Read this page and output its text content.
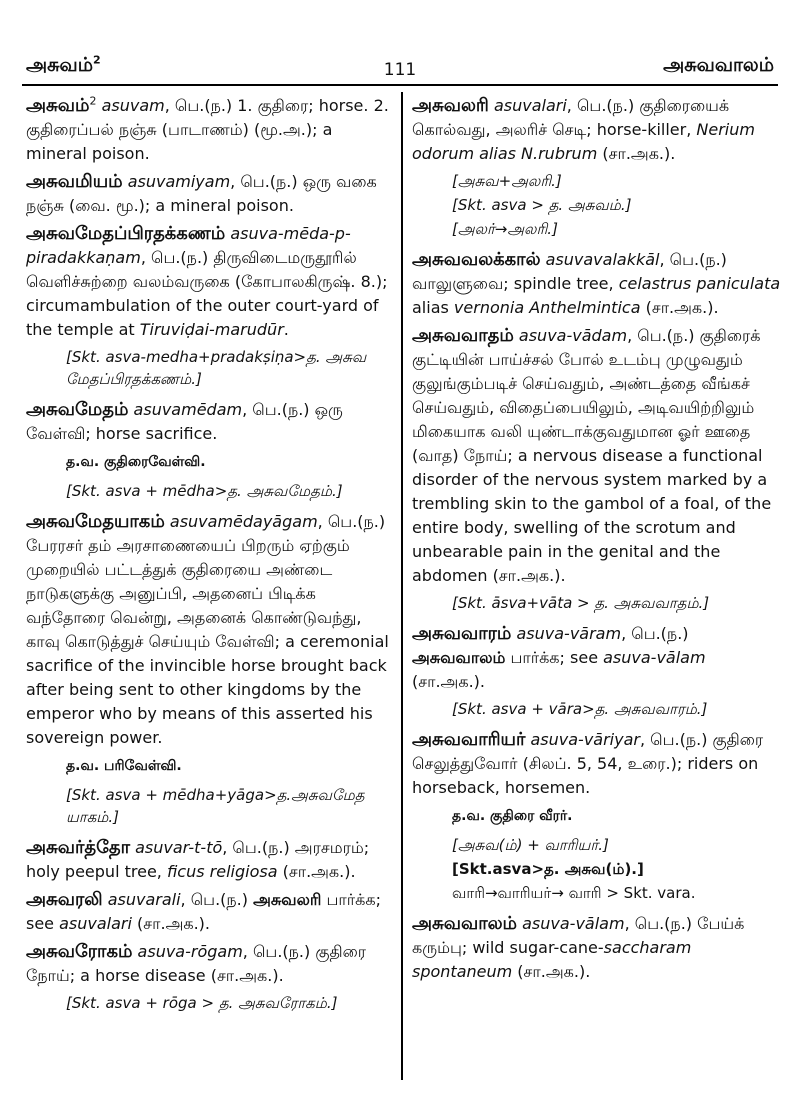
அசுவம்$^2$	111	அசுவவாலம்
அசுவம்$^2$ asuvam, பெ.(ந.) 1. குதிரை; horse. 2. குதிரைப்பல் நஞ்சு (பாடாணம்) (மூ.அ.); a mineral poison.
அசுவமியம் asuvamiyam, பெ.(ந.) ஒரு வகை நஞ்சு (வை. மூ.); a mineral poison.
அசுவமேதப்பிரதக்கணம் asuva-mēda-p-piradakkaṇam, பெ.(ந.) திருவிடைமருதூரில் வெளிச்சுற்றை வலம்வருகை (கோபாலகிருஷ். 8.); circumambulation of the outer court-yard of the temple at Tiruviḍai-marudūr.
[Skt. asva-medha+pradakṣiṇa>த. அசுவ மேதப்பிரதக்கணம்.]
அசுவமேதம் asuvamēdam, பெ.(ந.) ஒரு வேள்வி; horse sacrifice.
த.வ. குதிரைவேள்வி.
[Skt. asva + mēdha>த. அசுவமேதம்.]
அசுவமேதயாகம் asuvamēdayāgam, பெ.(ந.) பேரரசர் தம் அரசாணையைப் பிறரும் ஏற்கும் முறையில் பட்டத்துக் குதிரையை அண்டை நாடுகளுக்கு அனுப்பி, அதனைப் பிடிக்க வந்தோரை வென்று, அதனைக் கொண்டுவந்து, காவு கொடுத்துச் செய்யும் வேள்வி; a ceremonial sacrifice of the invincible horse brought back after being sent to other kingdoms by the emperor who by means of this asserted his sovereign power.
த.வ. பரிவேள்வி.
[Skt. asva + mēdha+yāga>த.அசுவமேத யாகம்.]
அசுவர்த்தோ asuvar-t-tō, பெ.(ந.) அரசமரம்; holy peepul tree, ficus religiosa (சா.அக.).
அசுவரலி asuvarali, பெ.(ந.) அசுவலரி பார்க்க; see asuvalari (சா.அக.).
அசுவரோகம் asuva-rōgam, பெ.(ந.) குதிரை நோய்; a horse disease (சா.அக.).
[Skt. asva + rōga > த. அசுவரோகம்.]
அசுவலரி asuvalari, பெ.(ந.) குதிரையைக் கொல்வது, அலரிச் செடி; horse-killer, Nerium odorum alias N.rubrum (சா.அக.).
[அசுவ+அலரி.]
[Skt. asva > த. அசுவம்.]
[அலர்→அலரி.]
அசுவவலக்கால் asuvavalakkāl, பெ.(ந.) வாலுளுவை; spindle tree, celastrus paniculata alias vernonia Anthelmintica (சா.அக.).
அசுவவாதம் asuva-vādam, பெ.(ந.) குதிரைக் குட்டியின் பாய்ச்சல் போல் உடம்பு முழுவதும் குலுங்கும்படிச் செய்வதும், அண்டத்தை வீங்கச் செய்வதும், விதைப்பையிலும், அடிவயிற்றிலும் மிகையாக வலி யுண்டாக்குவதுமான ஓர் ஊதை (வாத) நோய்; a nervous disease a functional disorder of the nervous system marked by a trembling skin to the gambol of a foal, of the entire body, swelling of the scrotum and unbearable pain in the genital and the abdomen (சா.அக.).
[Skt. āsva+vāta > த. அசுவவாதம்.]
அசுவவாரம் asuva-vāram, பெ.(ந.) அசுவவாலம் பார்க்க; see asuva-vālam (சா.அக.).
[Skt. asva + vāra>த. அசுவவாரம்.]
அசுவவாரியர் asuva-vāriyar, பெ.(ந.) குதிரை செலுத்துவோர் (சிலப். 5, 54, உரை.); riders on horseback, horsemen.
த.வ. குதிரை வீரர்.
[அசுவ(ம்) + வாரியர்.]
[Skt.asva>த. அசுவ(ம்).]
வாரி→வாரியர்→ வாரி > Skt. vara.
அசுவவாலம் asuva-vālam, பெ.(ந.) பேய்க் கரும்பு; wild sugar-cane-saccharam spontaneum (சா.அக.).
